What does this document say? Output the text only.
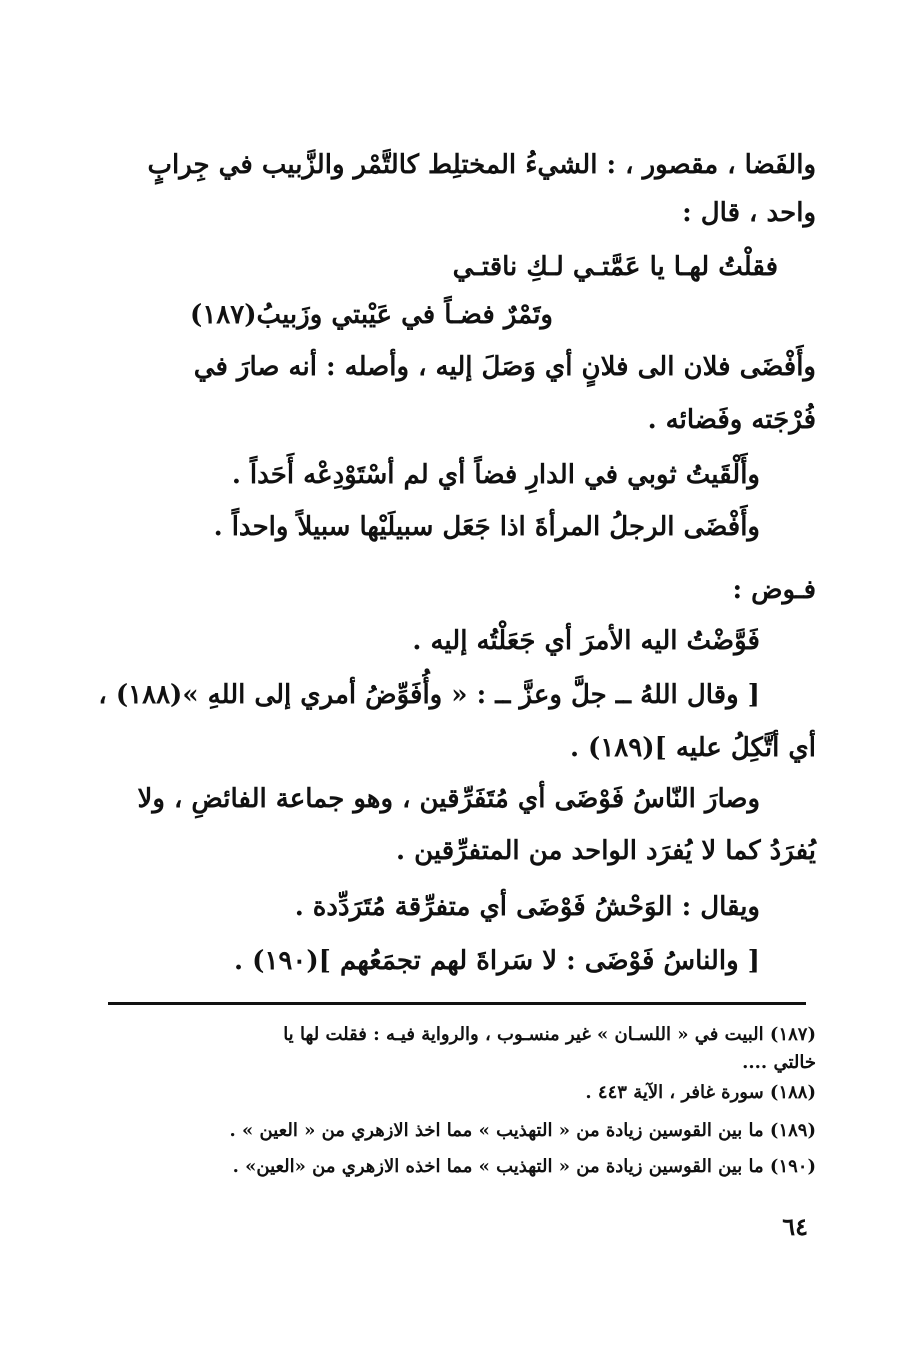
والفَضا ، مقصور ، : الشيءُ المختلِط كالتَّمْر والزَّبيب في جِرابٍ
واحد ، قال :
فقلْتُ لهـا يا عَمَّتـي لـكِ ناقتـي
وتَمْرٌ فضـاً في عَيْبتي وزَبيبُ(١٨٧)
وأَفْضَى فلان الى فلانٍ أي وَصَلَ إليه ، وأصله : أنه صارَ في
فُرْجَته وفَضائه .
وأَلْقَيتُ ثوبي في الدارِ فضاً أي لم أسْتَوْدِعْه أَحَداً .
وأَفْضَى الرجلُ المرأةَ اذا جَعَل سبيلَيْها سبيلاً واحداً .
فـوض :
فَوَّضْتُ اليه الأمرَ أي جَعَلْتُه إليه .
[ وقال اللهُ ــ جلَّ وعزَّ ــ : « وأُفَوِّضُ أمري إلى اللهِ »(١٨٨) ،
أي أتَّكِلُ عليه ](١٨٩) .
وصارَ النّاسُ فَوْضَى أي مُتَفَرِّقين ، وهو جماعة الفائضِ ، ولا
يُفرَدُ كما لا يُفرَد الواحد من المتفرِّقين .
ويقال : الوَحْشُ فَوْضَى أي متفرِّقة مُتَرَدِّدة .
[ والناسُ فَوْضَى : لا سَراةَ لهم تجمَعُهم ](١٩٠) .
(١٨٧) البيت في « اللسـان » غير منسـوب ، والرواية فيـه : فقلت لها يا
خالتي ....
(١٨٨) سورة غافر ، الآية ٤٤٣ .
(١٨٩) ما بين القوسين زيادة من « التهذيب » مما اخذ الازهري من « العين » .
(١٩٠) ما بين القوسين زيادة من « التهذيب » مما اخذه الازهري من «العين» .
٦٤
